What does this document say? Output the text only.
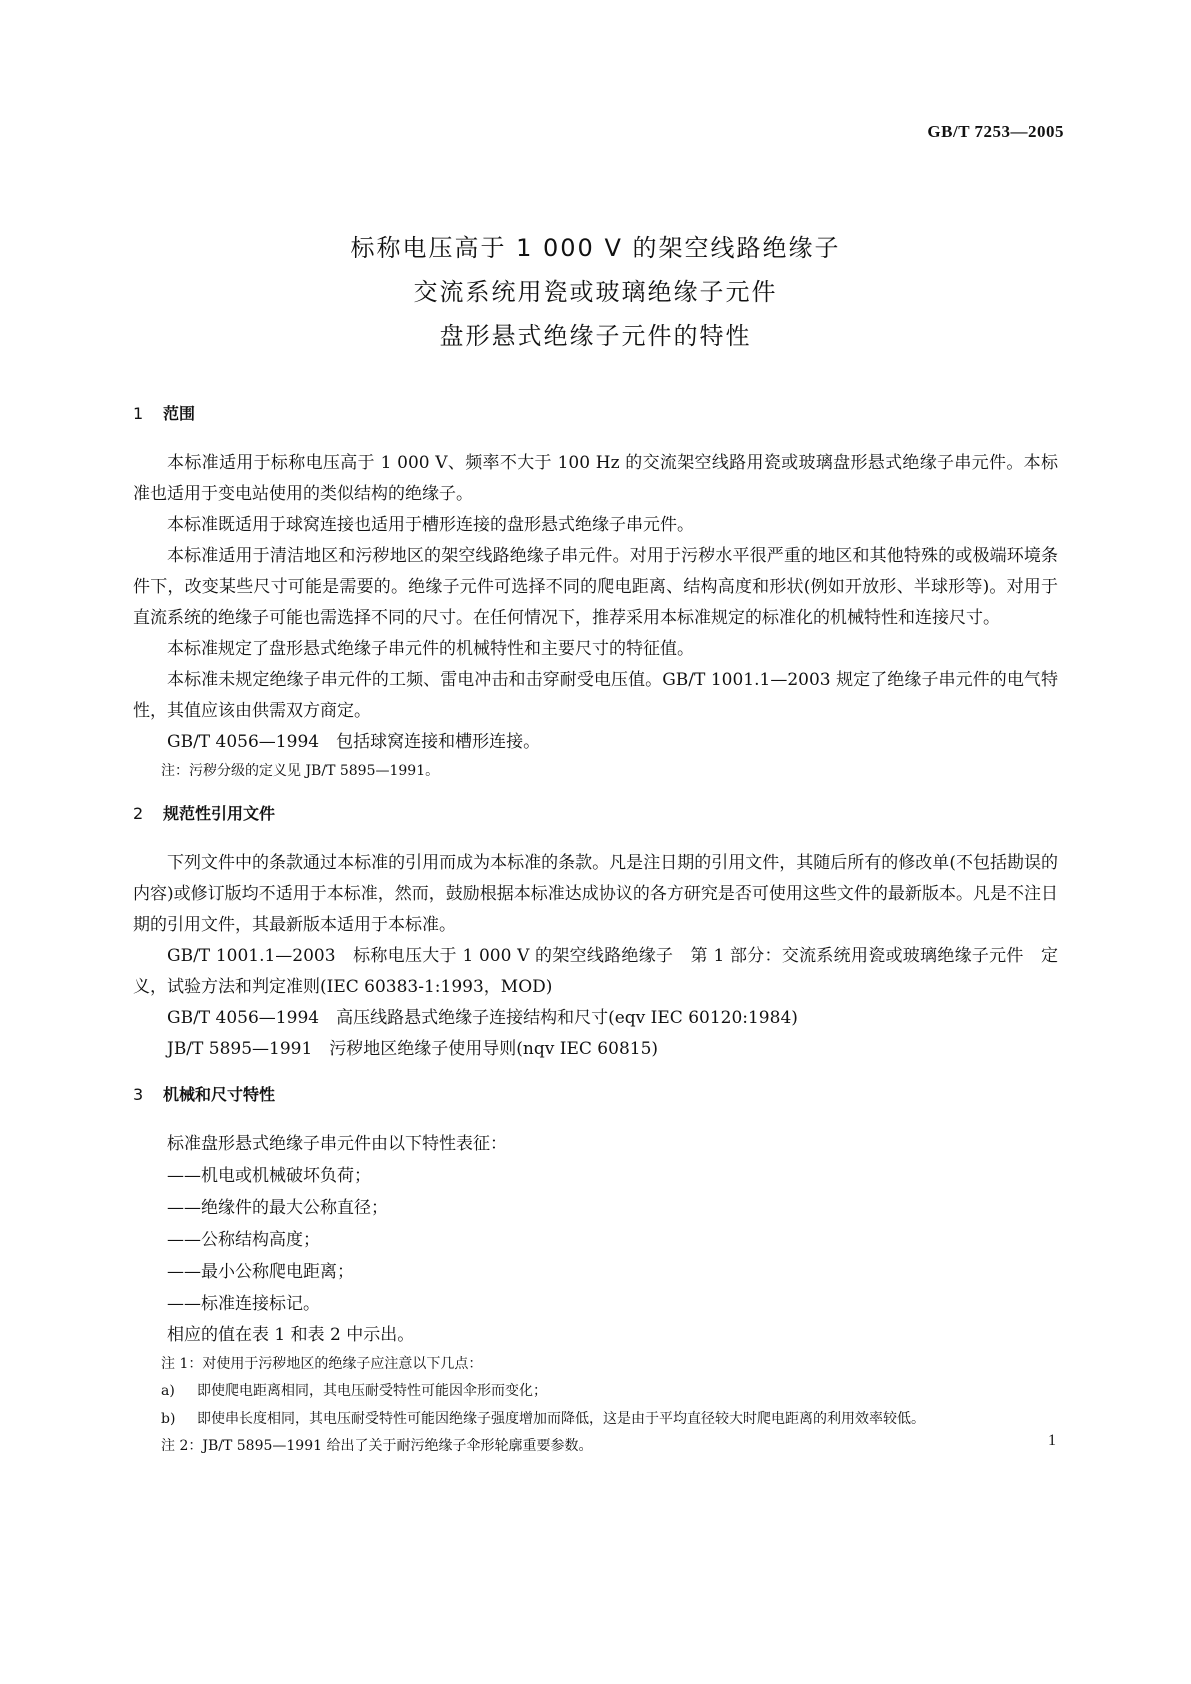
GB/T 7253—2005
标称电压高于 1 000 V 的架空线路绝缘子
交流系统用瓷或玻璃绝缘子元件
盘形悬式绝缘子元件的特性
1 范围

本标准适用于标称电压高于 1 000 V、频率不大于 100 Hz 的交流架空线路用瓷或玻璃盘形悬式绝缘子串元件。本标准也适用于变电站使用的类似结构的绝缘子。

本标准既适用于球窝连接也适用于槽形连接的盘形悬式绝缘子串元件。

本标准适用于清洁地区和污秽地区的架空线路绝缘子串元件。对用于污秽水平很严重的地区和其他特殊的或极端环境条件下，改变某些尺寸可能是需要的。绝缘子元件可选择不同的爬电距离、结构高度和形状(例如开放形、半球形等)。对用于直流系统的绝缘子可能也需选择不同的尺寸。在任何情况下，推荐采用本标准规定的标准化的机械特性和连接尺寸。

本标准规定了盘形悬式绝缘子串元件的机械特性和主要尺寸的特征值。

本标准未规定绝缘子串元件的工频、雷电冲击和击穿耐受电压值。GB/T 1001.1—2003 规定了绝缘子串元件的电气特性，其值应该由供需双方商定。

GB/T 4056—1994　包括球窝连接和槽形连接。

注：污秽分级的定义见 JB/T 5895—1991。

2 规范性引用文件

下列文件中的条款通过本标准的引用而成为本标准的条款。凡是注日期的引用文件，其随后所有的修改单(不包括勘误的内容)或修订版均不适用于本标准，然而，鼓励根据本标准达成协议的各方研究是否可使用这些文件的最新版本。凡是不注日期的引用文件，其最新版本适用于本标准。

GB/T 1001.1—2003　标称电压大于 1 000 V 的架空线路绝缘子　第 1 部分：交流系统用瓷或玻璃绝缘子元件　定义，试验方法和判定准则(IEC 60383-1:1993，MOD)

GB/T 4056—1994　高压线路悬式绝缘子连接结构和尺寸(eqv IEC 60120:1984)

JB/T 5895—1991　污秽地区绝缘子使用导则(nqv IEC 60815)

3 机械和尺寸特性

标准盘形悬式绝缘子串元件由以下特性表征：

——机电或机械破坏负荷；
——绝缘件的最大公称直径；
——公称结构高度；
——最小公称爬电距离；
——标准连接标记。

相应的值在表 1 和表 2 中示出。

注 1：对使用于污秽地区的绝缘子应注意以下几点：

a) 即使爬电距离相同，其电压耐受特性可能因伞形而变化；
b) 即使串长度相同，其电压耐受特性可能因绝缘子强度增加而降低，这是由于平均直径较大时爬电距离的利用效率较低。

注 2：JB/T 5895—1991 给出了关于耐污绝缘子伞形轮廓重要参数。	1
